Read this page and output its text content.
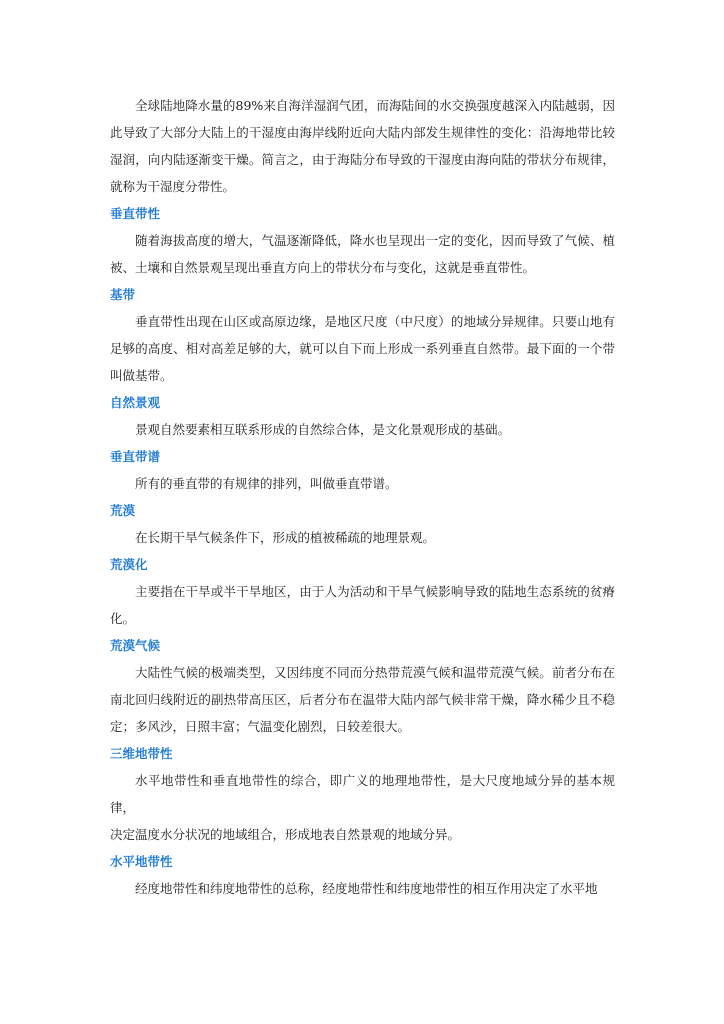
全球陆地降水量的89%来自海洋湿润气团，而海陆间的水交换强度越深入内陆越弱，因此导致了大部分大陆上的干湿度由海岸线附近向大陆内部发生规律性的变化：沿海地带比较湿润，向内陆逐渐变干燥。简言之，由于海陆分布导致的干湿度由海向陆的带状分布规律，就称为干湿度分带性。

垂直带性

随着海拔高度的增大，气温逐渐降低，降水也呈现出一定的变化，因而导致了气候、植被、土壤和自然景观呈现出垂直方向上的带状分布与变化，这就是垂直带性。

基带

垂直带性出现在山区或高原边缘，是地区尺度（中尺度）的地域分异规律。只要山地有足够的高度、相对高差足够的大，就可以自下而上形成一系列垂直自然带。最下面的一个带叫做基带。

自然景观

景观自然要素相互联系形成的自然综合体，是文化景观形成的基础。

垂直带谱

所有的垂直带的有规律的排列，叫做垂直带谱。

荒漠

在长期干旱气候条件下，形成的植被稀疏的地理景观。

荒漠化

主要指在干旱或半干旱地区，由于人为活动和干旱气候影响导致的陆地生态系统的贫瘠化。

荒漠气候

大陆性气候的极端类型，又因纬度不同而分热带荒漠气候和温带荒漠气候。前者分布在南北回归线附近的副热带高压区，后者分布在温带大陆内部气候非常干燥，降水稀少且不稳定；多风沙，日照丰富；气温变化剧烈，日较差很大。

三维地带性

水平地带性和垂直地带性的综合，即广义的地理地带性，是大尺度地域分异的基本规律，

决定温度水分状况的地域组合，形成地表自然景观的地域分异。

水平地带性

经度地带性和纬度地带性的总称，经度地带性和纬度地带性的相互作用决定了水平地
